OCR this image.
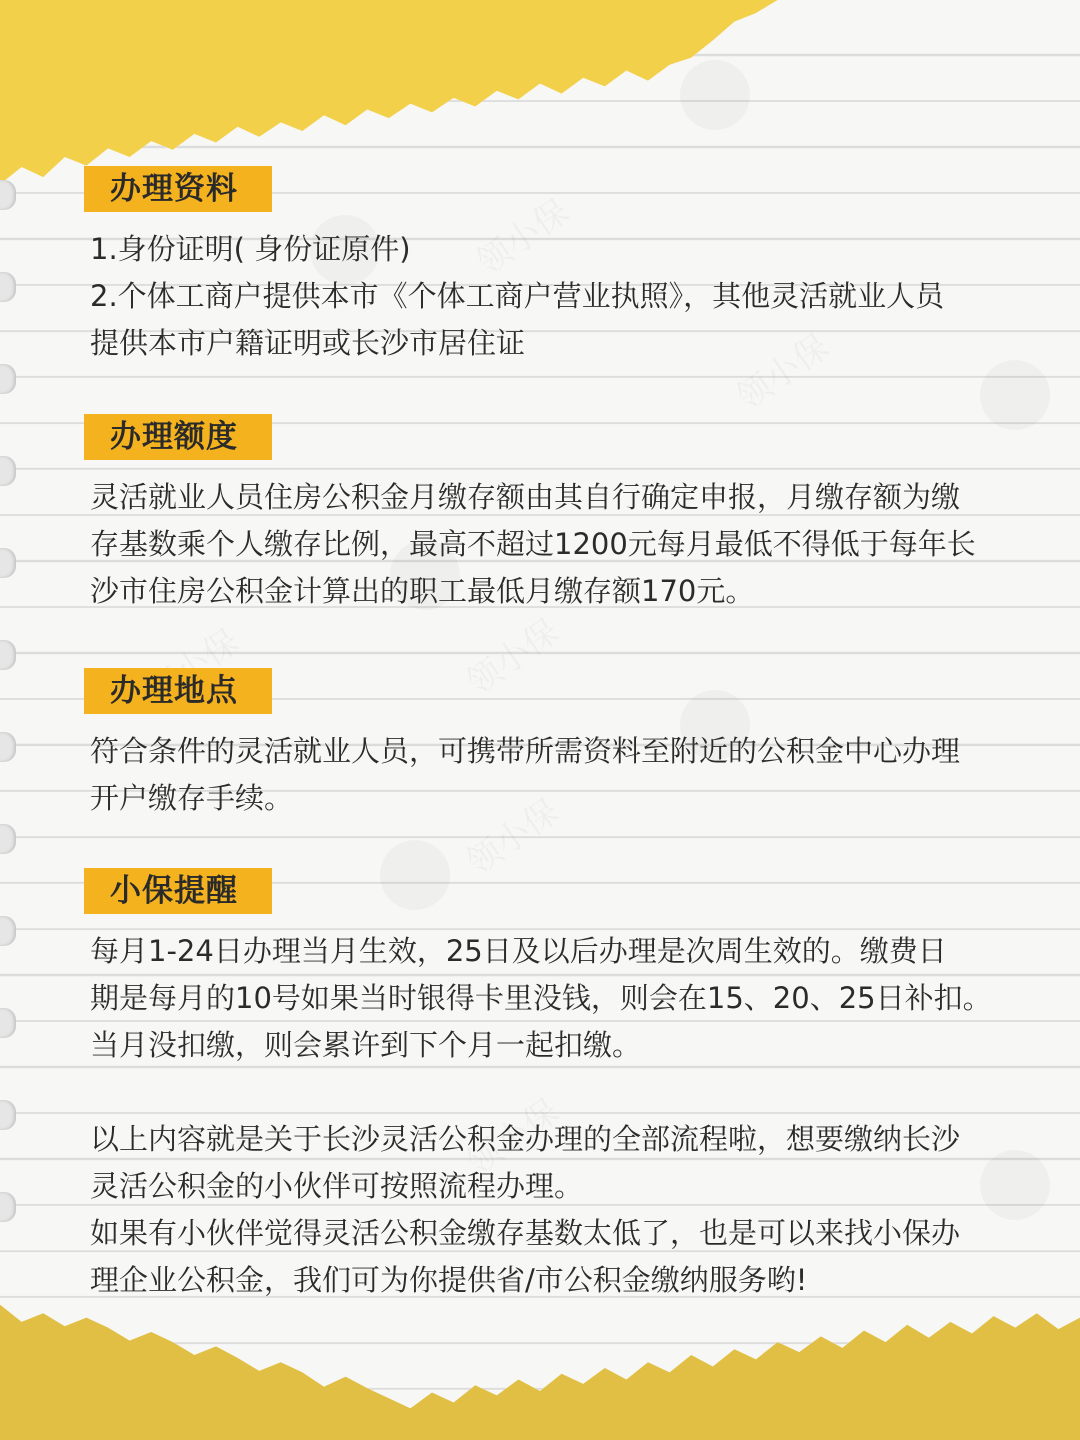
办理资料

1.身份证明( 身份证原件)

2.个体工商户提供本市《个体工商户营业执照》，其他灵活就业人员

提供本市户籍证明或长沙市居住证

办理额度

灵活就业人员住房公积金月缴存额由其自行确定申报，月缴存额为缴

存基数乘个人缴存比例，最高不超过1200元每月最低不得低于每年长

沙市住房公积金计算出的职工最低月缴存额170元。

办理地点

符合条件的灵活就业人员，可携带所需资料至附近的公积金中心办理

开户缴存手续。

小保提醒

每月1-24日办理当月生效，25日及以后办理是次周生效的。缴费日

期是每月的10号如果当时银得卡里没钱，则会在15、20、25日补扣。

当月没扣缴，则会累许到下个月一起扣缴。

以上内容就是关于长沙灵活公积金办理的全部流程啦，想要缴纳长沙

灵活公积金的小伙伴可按照流程办理。

如果有小伙伴觉得灵活公积金缴存基数太低了，也是可以来找小保办

理企业公积金，我们可为你提供省/市公积金缴纳服务哟!
